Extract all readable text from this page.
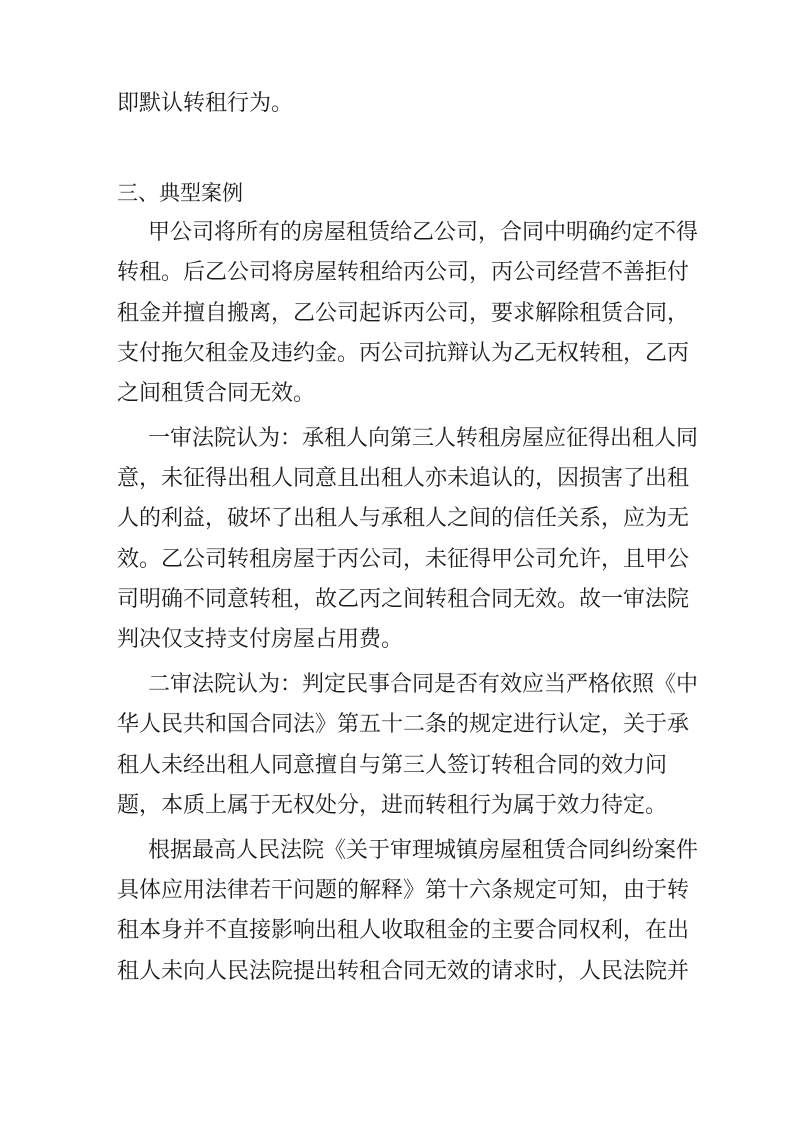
即默认转租行为。

三、典型案例

甲公司将所有的房屋租赁给乙公司，合同中明确约定不得

转租。后乙公司将房屋转租给丙公司，丙公司经营不善拒付

租金并擅自搬离，乙公司起诉丙公司，要求解除租赁合同，

支付拖欠租金及违约金。丙公司抗辩认为乙无权转租，乙丙

之间租赁合同无效。

一审法院认为：承租人向第三人转租房屋应征得出租人同

意，未征得出租人同意且出租人亦未追认的，因损害了出租

人的利益，破坏了出租人与承租人之间的信任关系，应为无

效。乙公司转租房屋于丙公司，未征得甲公司允许，且甲公

司明确不同意转租，故乙丙之间转租合同无效。故一审法院

判决仅支持支付房屋占用费。

二审法院认为：判定民事合同是否有效应当严格依照《中

华人民共和国合同法》第五十二条的规定进行认定，关于承

租人未经出租人同意擅自与第三人签订转租合同的效力问

题，本质上属于无权处分，进而转租行为属于效力待定。

根据最高人民法院《关于审理城镇房屋租赁合同纠纷案件

具体应用法律若干问题的解释》第十六条规定可知，由于转

租本身并不直接影响出租人收取租金的主要合同权利，在出

租人未向人民法院提出转租合同无效的请求时，人民法院并
